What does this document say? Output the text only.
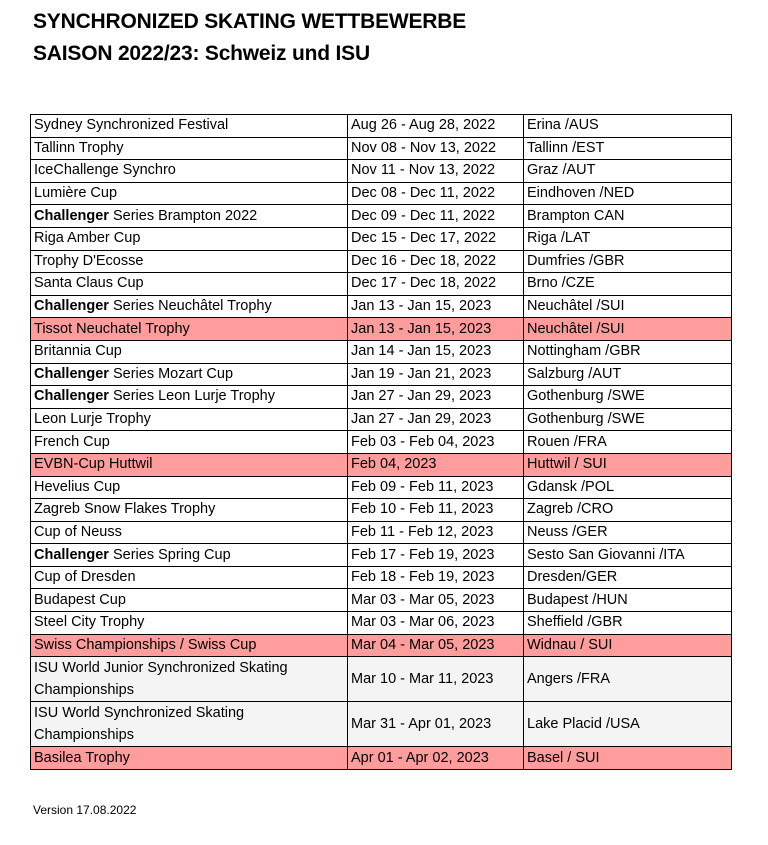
SYNCHRONIZED SKATING WETTBEWERBE
SAISON 2022/23: Schweiz und ISU
Sydney Synchronized Festival	Aug 26 - Aug 28, 2022	Erina /AUS
Tallinn Trophy	Nov 08 - Nov 13, 2022	Tallinn /EST
IceChallenge Synchro	Nov 11 - Nov 13, 2022	Graz /AUT
Lumière Cup	Dec 08 - Dec 11, 2022	Eindhoven /NED
Challenger Series Brampton 2022	Dec 09 - Dec 11, 2022	Brampton CAN
Riga Amber Cup	Dec 15 - Dec 17, 2022	Riga /LAT
Trophy D'Ecosse	Dec 16 - Dec 18, 2022	Dumfries /GBR
Santa Claus Cup	Dec 17 - Dec 18, 2022	Brno /CZE
Challenger Series Neuchâtel Trophy	Jan 13 - Jan 15, 2023	Neuchâtel /SUI
Tissot Neuchatel Trophy	Jan 13 - Jan 15, 2023	Neuchâtel /SUI
Britannia Cup	Jan 14 - Jan 15, 2023	Nottingham /GBR
Challenger Series Mozart Cup	Jan 19 - Jan 21, 2023	Salzburg /AUT
Challenger Series Leon Lurje Trophy	Jan 27 - Jan 29, 2023	Gothenburg /SWE
Leon Lurje Trophy	Jan 27 - Jan 29, 2023	Gothenburg /SWE
French Cup	Feb 03 - Feb 04, 2023	Rouen /FRA
EVBN-Cup Huttwil	Feb 04, 2023	Huttwil / SUI
Hevelius Cup	Feb 09 - Feb 11, 2023	Gdansk /POL
Zagreb Snow Flakes Trophy	Feb 10 - Feb 11, 2023	Zagreb /CRO
Cup of Neuss	Feb 11 - Feb 12, 2023	Neuss /GER
Challenger Series Spring Cup	Feb 17 - Feb 19, 2023	Sesto San Giovanni /ITA
Cup of Dresden	Feb 18 - Feb 19, 2023	Dresden/GER
Budapest Cup	Mar 03 - Mar 05, 2023	Budapest /HUN
Steel City Trophy	Mar 03 - Mar 06, 2023	Sheffield /GBR
Swiss Championships / Swiss Cup	Mar 04 - Mar 05, 2023	Widnau / SUI
ISU World Junior Synchronized Skating Championships	Mar 10 - Mar 11, 2023	Angers /FRA
ISU World Synchronized Skating Championships	Mar 31 - Apr 01, 2023	Lake Placid /USA
Basilea Trophy	Apr 01 - Apr 02, 2023	Basel / SUI
Version 17.08.2022
